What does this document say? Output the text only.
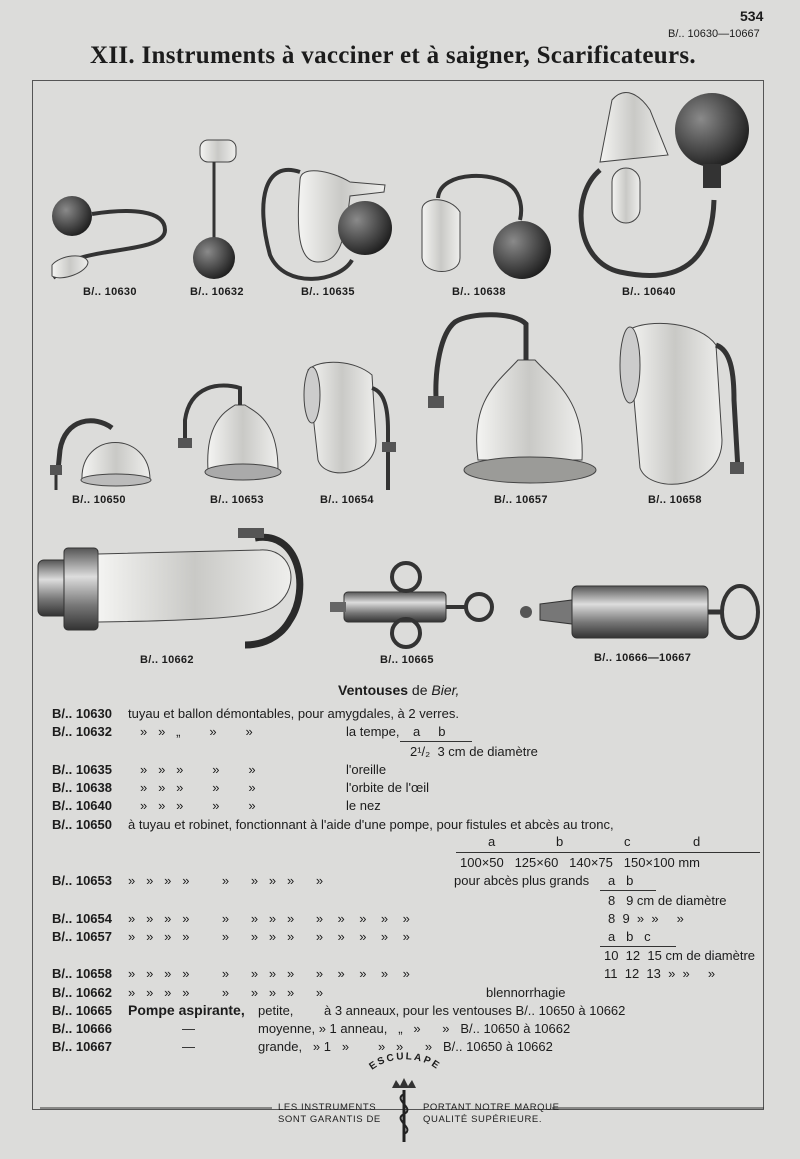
534
B/.. 10630—10667
XII. Instruments à vacciner et à saigner, Scarificateurs.
B/.. 10630	B/.. 10632	B/.. 10635	B/.. 10638	B/.. 10640
B/.. 10650	B/.. 10653	B/.. 10654	B/.. 10657	B/.. 10658
B/.. 10662	B/.. 10665	B/.. 10666—10667
Ventouses de Bier,
B/.. 10630 tuyau et ballon démontables, pour amygdales, à 2 verres.
B/.. 10632 »   »   „        »        »	la tempe, a     b
2¹/₂  3 cm de diamètre
B/.. 10635 »   »   »        »        »	l'oreille
B/.. 10638 »   »   »        »        »	l'orbite de l'œil
B/.. 10640 »   »   »        »        »	le nez
B/.. 10650 à tuyau et robinet, fonctionnant à l'aide d'une pompe, pour fistules et abcès au tronc,
a	b	c	d
100×50   125×60   140×75   150×100 mm
B/.. 10653 »   »   »   »         »      »   »   »      »	pour abcès plus grands a   b
8   9 cm de diamètre
B/.. 10654 »   »   »   »         »      »   »   »      »    »    »    »    »	8  9  »  »     »
B/.. 10657 »   »   »   »         »      »   »   »      »    »    »    »    »	a   b   c
10  12  15 cm de diamètre
B/.. 10658 »   »   »   »         »      »   »   »      »    »    »    »    »	11  12  13  »  »     »
B/.. 10662 »   »   »   »         »      »   »   »      »	blennorrhagie
B/.. 10665 Pompe aspirante, petite, à 3 anneaux, pour les ventouses B/.. 10650 à 10662
B/.. 10666	—	moyenne, » 1 anneau,   „   »      »   B/.. 10650 à 10662
B/.. 10667	—	grande,   » 1   »        »   »      »   B/.. 10650 à 10662
ESCULAPE
LES INSTRUMENTS
SONT GARANTIS DE
PORTANT NOTRE MARQUE
QUALITÉ SUPÉRIEURE.
